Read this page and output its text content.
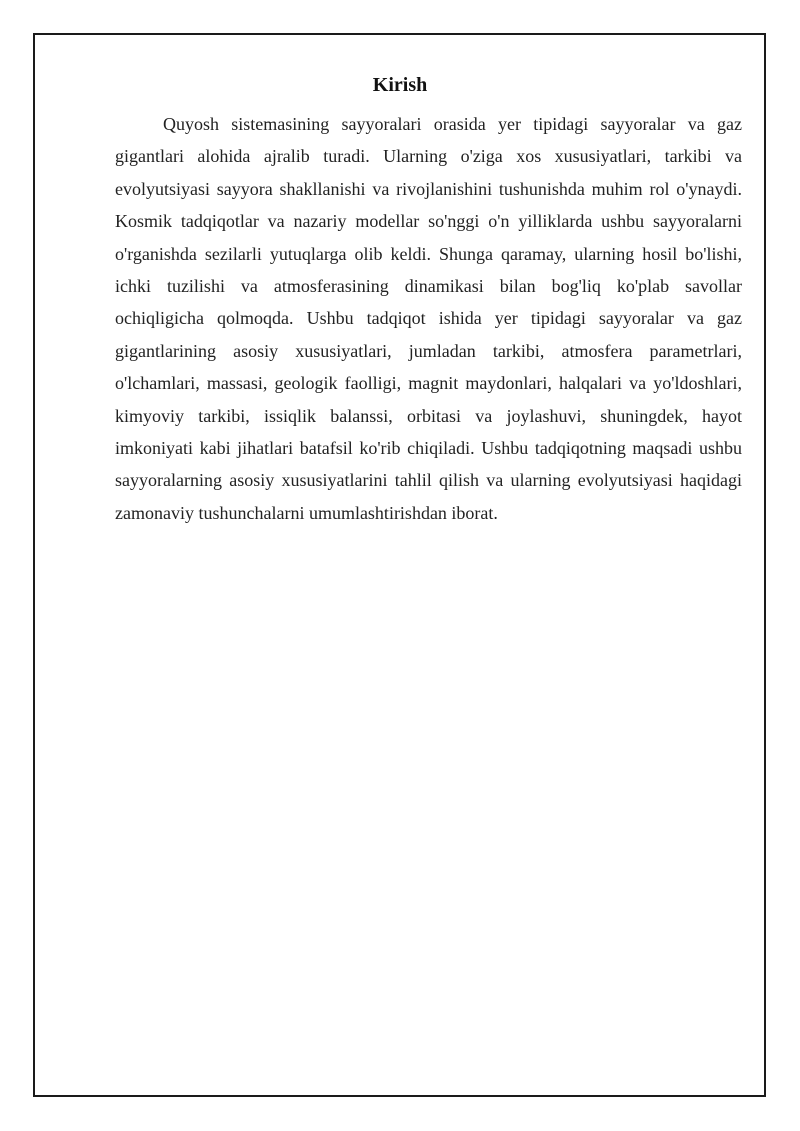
Kirish

Quyosh sistemasining sayyoralari orasida yer tipidagi sayyoralar va gaz gigantlari alohida ajralib turadi. Ularning o'ziga xos xususiyatlari, tarkibi va evolyutsiyasi sayyora shakllanishi va rivojlanishini tushunishda muhim rol o'ynaydi. Kosmik tadqiqotlar va nazariy modellar so'nggi o'n yilliklarda ushbu sayyoralarni o'rganishda sezilarli yutuqlarga olib keldi. Shunga qaramay, ularning hosil bo'lishi, ichki tuzilishi va atmosferasining dinamikasi bilan bog'liq ko'plab savollar ochiqligicha qolmoqda. Ushbu tadqiqot ishida yer tipidagi sayyoralar va gaz gigantlarining asosiy xususiyatlari, jumladan tarkibi, atmosfera parametrlari, o'lchamlari, massasi, geologik faolligi, magnit maydonlari, halqalari va yo'ldoshlari, kimyoviy tarkibi, issiqlik balanssi, orbitasi va joylashuvi, shuningdek, hayot imkoniyati kabi jihatlari batafsil ko'rib chiqiladi. Ushbu tadqiqotning maqsadi ushbu sayyoralarning asosiy xususiyatlarini tahlil qilish va ularning evolyutsiyasi haqidagi zamonaviy tushunchalarni umumlashtirishdan iborat.
